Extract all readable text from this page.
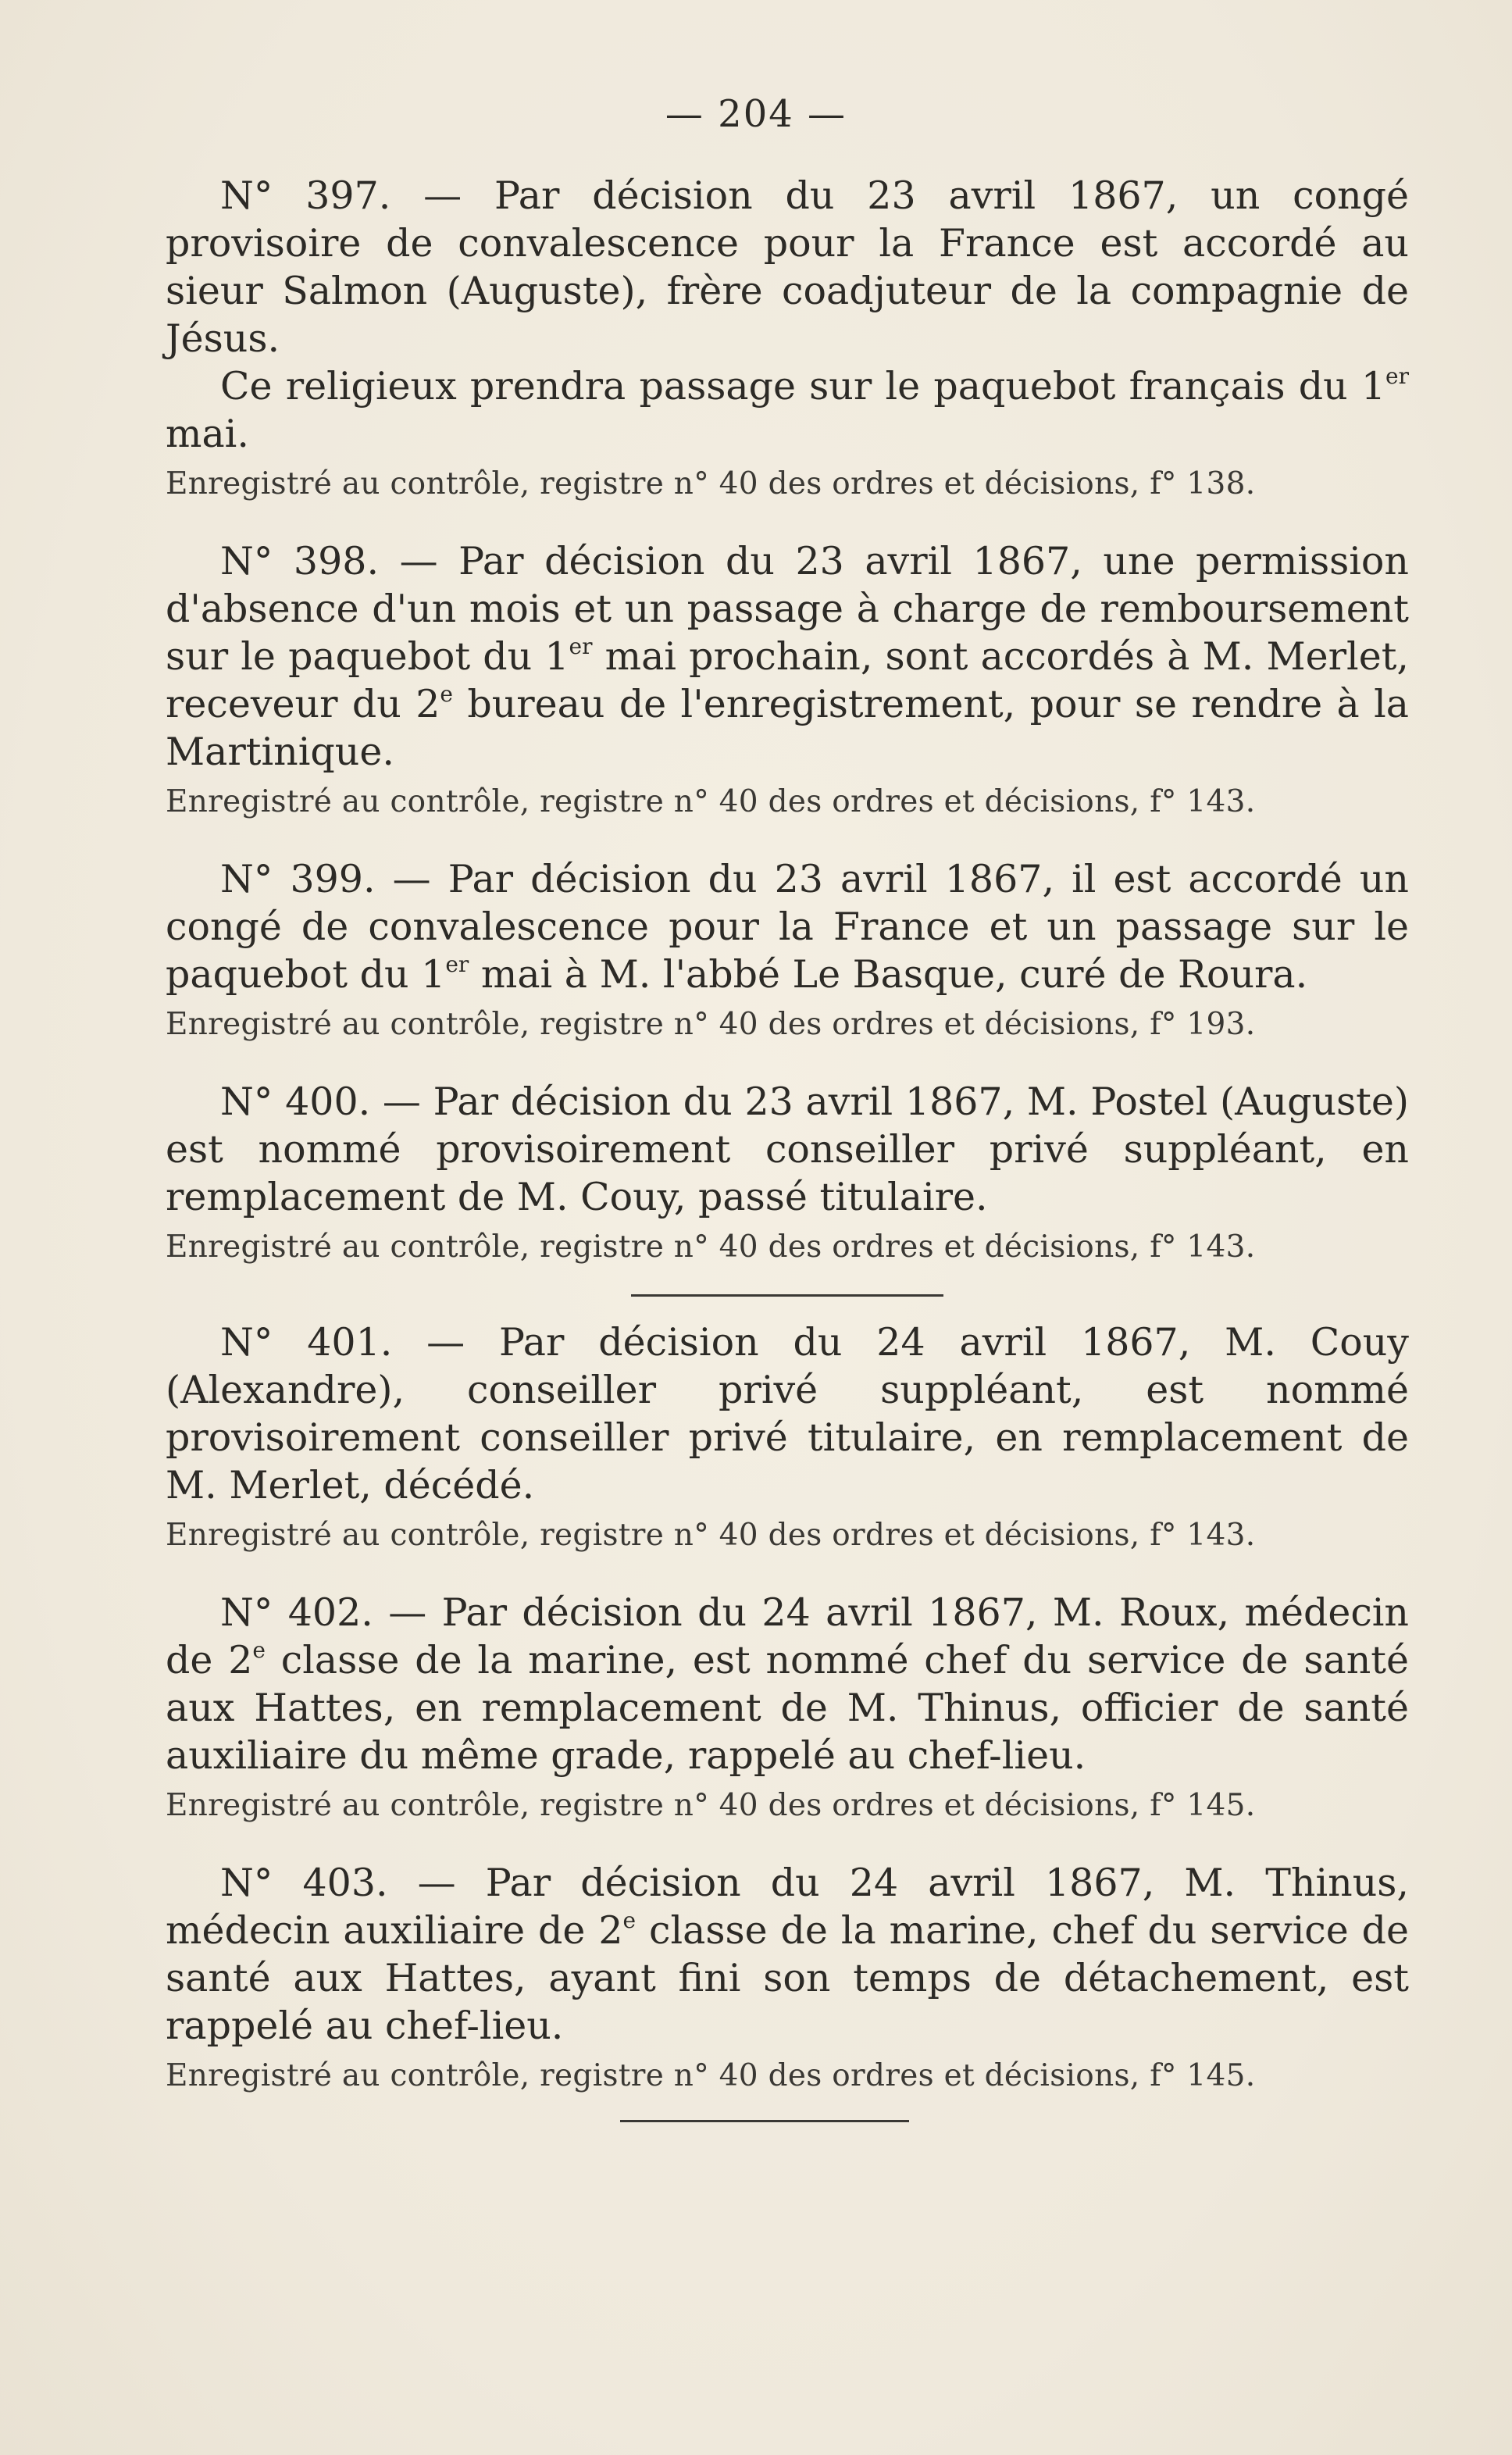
— 204 —

N° 397. — Par décision du 23 avril 1867, un congé provisoire de convalescence pour la France est accordé au sieur Salmon (Auguste), frère coadjuteur de la compagnie de Jésus.

Ce religieux prendra passage sur le paquebot français du 1er mai.

Enregistré au contrôle, registre n° 40 des ordres et décisions, f° 138.

N° 398. — Par décision du 23 avril 1867, une permission d'absence d'un mois et un passage à charge de remboursement sur le paquebot du 1er mai prochain, sont accordés à M. Merlet, receveur du 2e bureau de l'enregistrement, pour se rendre à la Martinique.

Enregistré au contrôle, registre n° 40 des ordres et décisions, f° 143.

N° 399. — Par décision du 23 avril 1867, il est accordé un congé de convalescence pour la France et un passage sur le paquebot du 1er mai à M. l'abbé Le Basque, curé de Roura.

Enregistré au contrôle, registre n° 40 des ordres et décisions, f° 193.

N° 400. — Par décision du 23 avril 1867, M. Postel (Auguste) est nommé provisoirement conseiller privé suppléant, en remplacement de M. Couy, passé titulaire.

Enregistré au contrôle, registre n° 40 des ordres et décisions, f° 143.

N° 401. — Par décision du 24 avril 1867, M. Couy (Alexandre), conseiller privé suppléant, est nommé provisoirement conseiller privé titulaire, en remplacement de M. Merlet, décédé.

Enregistré au contrôle, registre n° 40 des ordres et décisions, f° 143.

N° 402. — Par décision du 24 avril 1867, M. Roux, médecin de 2e classe de la marine, est nommé chef du service de santé aux Hattes, en remplacement de M. Thinus, officier de santé auxiliaire du même grade, rappelé au chef-lieu.

Enregistré au contrôle, registre n° 40 des ordres et décisions, f° 145.

N° 403. — Par décision du 24 avril 1867, M. Thinus, médecin auxiliaire de 2e classe de la marine, chef du service de santé aux Hattes, ayant fini son temps de détachement, est rappelé au chef-lieu.

Enregistré au contrôle, registre n° 40 des ordres et décisions, f° 145.
